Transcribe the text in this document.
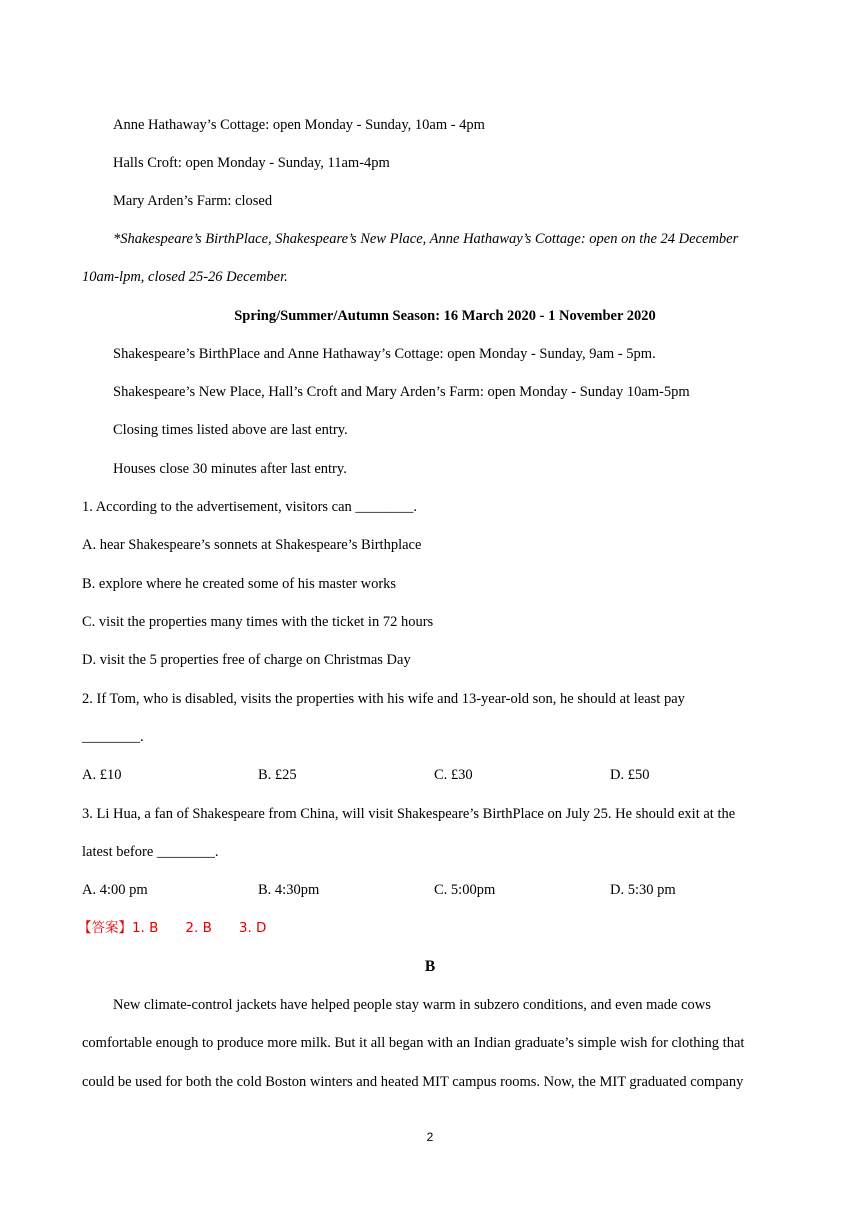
Anne Hathaway’s Cottage: open Monday - Sunday, 10am - 4pm
Halls Croft: open Monday - Sunday, 11am-4pm
Mary Arden’s Farm: closed
*Shakespeare’s BirthPlace, Shakespeare’s New Place, Anne Hathaway’s Cottage: open on the 24 December
10am-lpm, closed 25-26 December.
Spring/Summer/Autumn Season: 16 March 2020 - 1 November 2020
Shakespeare’s BirthPlace and Anne Hathaway’s Cottage: open Monday - Sunday, 9am - 5pm.
Shakespeare’s New Place, Hall’s Croft and Mary Arden’s Farm: open Monday - Sunday 10am-5pm
Closing times listed above are last entry.
Houses close 30 minutes after last entry.
1. According to the advertisement, visitors can ________.
A. hear Shakespeare’s sonnets at Shakespeare’s Birthplace
B. explore where he created some of his master works
C. visit the properties many times with the ticket in 72 hours
D. visit the 5 properties free of charge on Christmas Day
2. If Tom, who is disabled, visits the properties with his wife and 13-year-old son, he should at least pay
________.
A. £10	B. £25	C. £30	D. £50
3. Li Hua, a fan of Shakespeare from China, will visit Shakespeare’s BirthPlace on July 25. He should exit at the
latest before ________.
A. 4:00 pm	B. 4:30pm	C. 5:00pm	D. 5:30 pm
【答案】1. B　　2. B　　3. D
B
New climate-control jackets have helped people stay warm in subzero conditions, and even made cows
comfortable enough to produce more milk. But it all began with an Indian graduate’s simple wish for clothing that
could be used for both the cold Boston winters and heated MIT campus rooms. Now, the MIT graduated company
2
